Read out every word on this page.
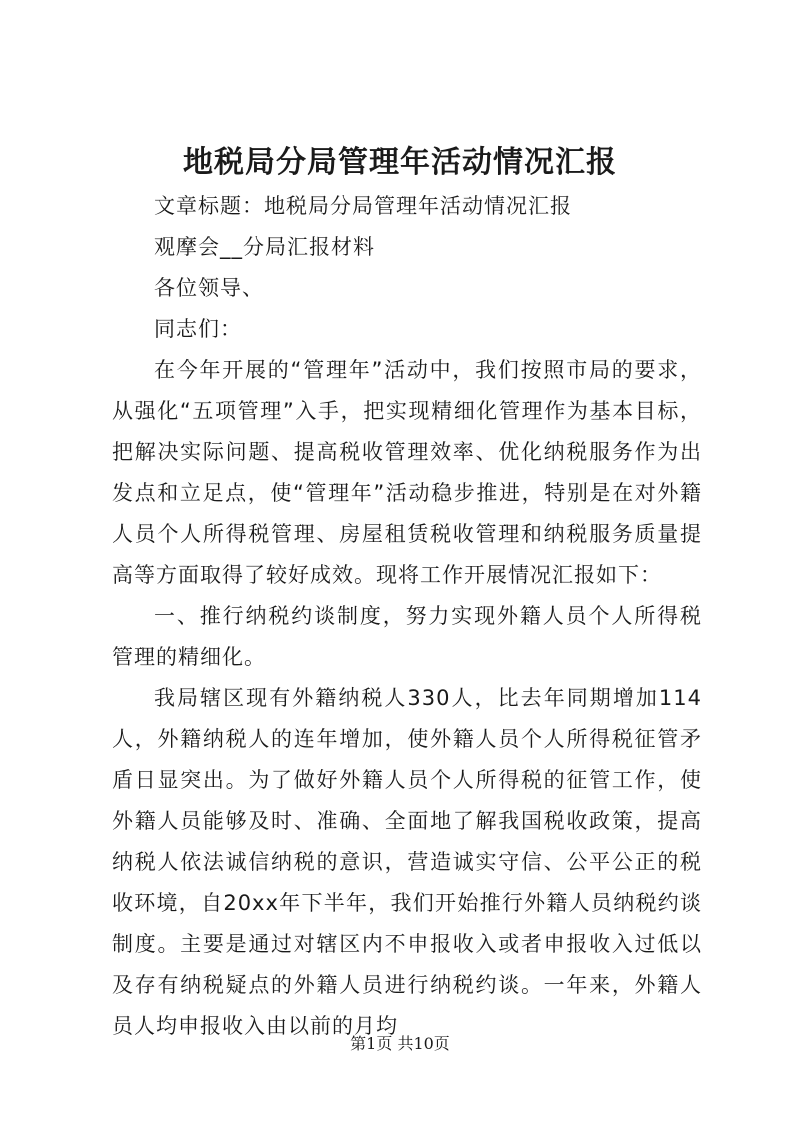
地税局分局管理年活动情况汇报

文章标题：地税局分局管理年活动情况汇报

观摩会__分局汇报材料

各位领导、

同志们：

在今年开展的“管理年”活动中，我们按照市局的要求，从强化“五项管理”入手，把实现精细化管理作为基本目标，把解决实际问题、提高税收管理效率、优化纳税服务作为出发点和立足点，使“管理年”活动稳步推进，特别是在对外籍人员个人所得税管理、房屋租赁税收管理和纳税服务质量提高等方面取得了较好成效。现将工作开展情况汇报如下：

一、推行纳税约谈制度，努力实现外籍人员个人所得税管理的精细化。

我局辖区现有外籍纳税人330人，比去年同期增加114人，外籍纳税人的连年增加，使外籍人员个人所得税征管矛盾日显突出。为了做好外籍人员个人所得税的征管工作，使外籍人员能够及时、准确、全面地了解我国税收政策，提高纳税人依法诚信纳税的意识，营造诚实守信、公平公正的税收环境，自20xx年下半年，我们开始推行外籍人员纳税约谈制度。主要是通过对辖区内不申报收入或者申报收入过低以及存有纳税疑点的外籍人员进行纳税约谈。一年来，外籍人员人均申报收入由以前的月均

第1页 共10页
